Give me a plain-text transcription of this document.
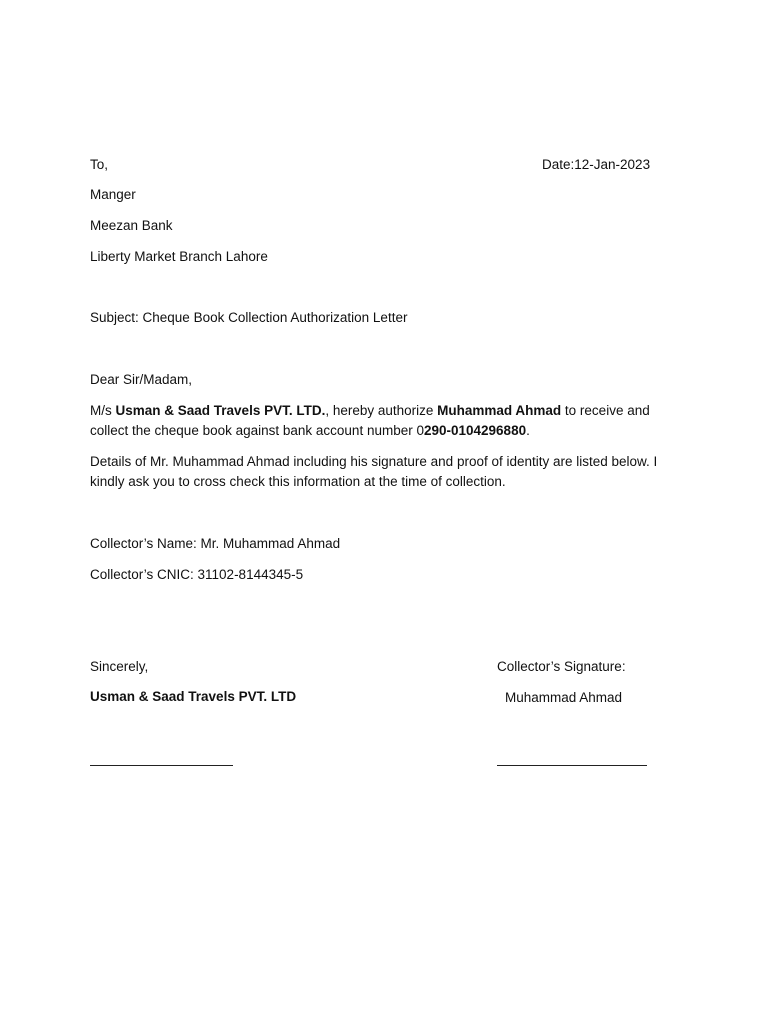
To,	Date:12-Jan-2023
Manger
Meezan Bank
Liberty Market Branch Lahore
Subject: Cheque Book Collection Authorization Letter
Dear Sir/Madam,
M/s Usman & Saad Travels PVT. LTD., hereby authorize Muhammad Ahmad to receive and collect the cheque book against bank account number 0290-0104296880.
Details of Mr. Muhammad Ahmad including his signature and proof of identity are listed below. I kindly ask you to cross check this information at the time of collection.
Collector’s Name: Mr. Muhammad Ahmad
Collector’s CNIC: 31102-8144345-5
Sincerely,	Collector’s Signature:
Usman & Saad Travels PVT. LTD	Muhammad Ahmad
